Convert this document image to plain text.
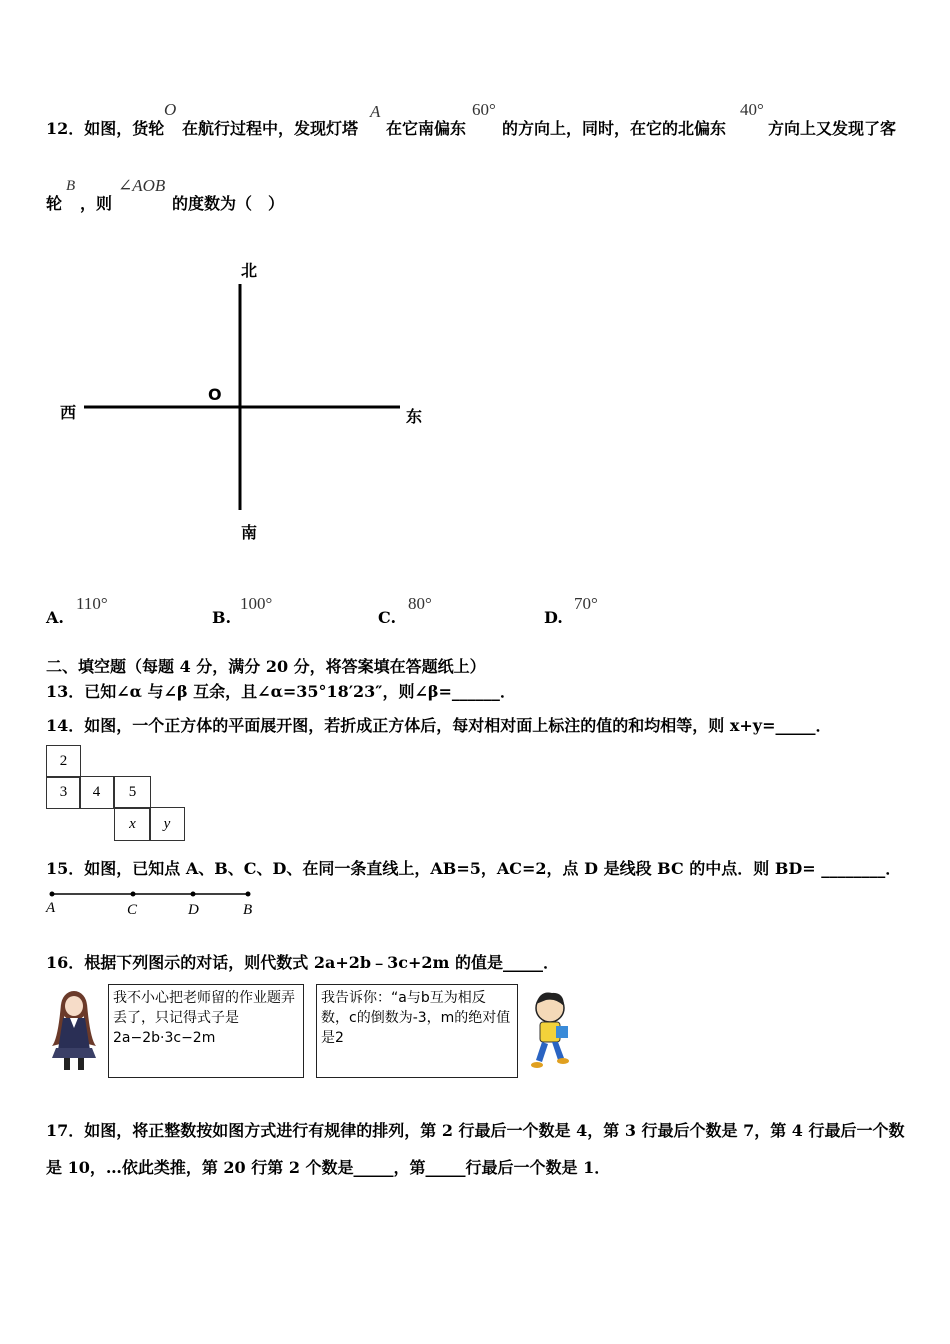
12．如图，货轮
O
在航行过程中，发现灯塔
A
在它南偏东
60°
的方向上，同时，在它的北偏东
40°
方向上又发现了客
轮
B
，则
∠AOB
的度数为（　）
北
南
东
西
O
A.
110°
B.
100°
C.
80°
D.
70°
二、填空题（每题 4 分，满分 20 分，将答案填在答题纸上）
13．已知∠α 与∠β 互余，且∠α=35°18′23″，则∠β=______．
14．如图，一个正方体的平面展开图，若折成正方体后，每对相对面上标注的值的和均相等，则 x+y=_____．
2
3	4	5
x	y
15．如图，已知点 A、B、C、D、在同一条直线上，AB=5，AC=2，点 D 是线段 BC 的中点．则 BD= ________．
A	C	D	B
16．根据下列图示的对话，则代数式 2a+2b﹣3c+2m 的值是_____．
我不小心把老师留的作业题弄丢了，只记得式子是 2a−2b·3c−2m
我告诉你：“a与b互为相反数，c的倒数为-3，m的绝对值是2
17．如图，将正整数按如图方式进行有规律的排列，第 2 行最后一个数是 4，第 3 行最后个数是 7，第 4 行最后一个数
是 10，…依此类推，第 20 行第 2 个数是_____，第_____行最后一个数是 1．
